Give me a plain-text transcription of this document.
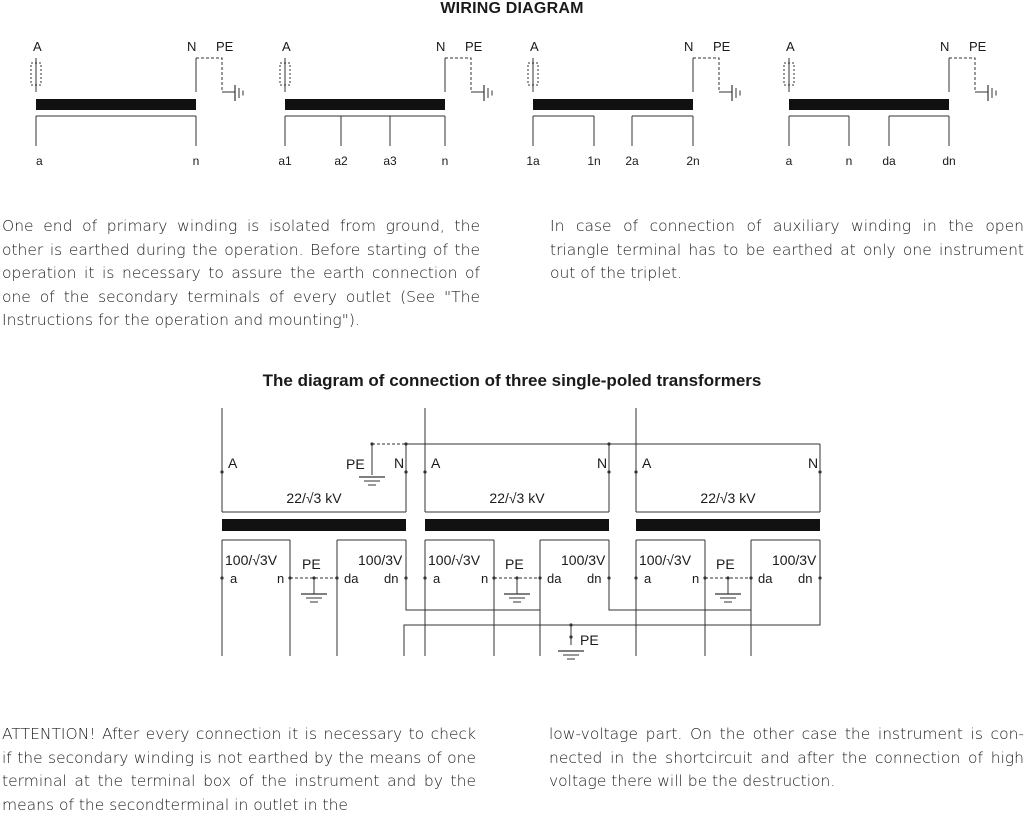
WIRING DIAGRAM
The diagram of connection of three single-poled transformers
One end of primary winding is isolated from ground, the other is earthed during the operation. Before starting of the operation it is necessary to assure the earth connection of one of the secondary terminals of every outlet (See "The Instructions for the operation and mounting").
In case of connection of auxiliary winding in the open triangle terminal has to be earthed at only one instrument out of the triplet.
ATTENTION! After every connection it is necessary to check if the secondary winding is not earthed by the means of one terminal at the terminal box of the instrument and by the means of the secondterminal in outlet in the
low-voltage part. On the other case the instrument is connected in the shortcircuit and after the connection of high voltage there will be the destruction.
A	N PE
a	n
A	N PE
a1	a2	a3	n
A	N PE
1a	1n 2a	2n
A	N PE
a	n da	dn
A	N
PE
22/√3 kV
100/√3V
a	n
PE	100/3V
da dn
A	N
22/√3 kV
100/√3V
a	n
PE	100/3V
da dn
A	N
22/√3 kV
100/√3V
a	n
PE	100/3V
da dn
PE
